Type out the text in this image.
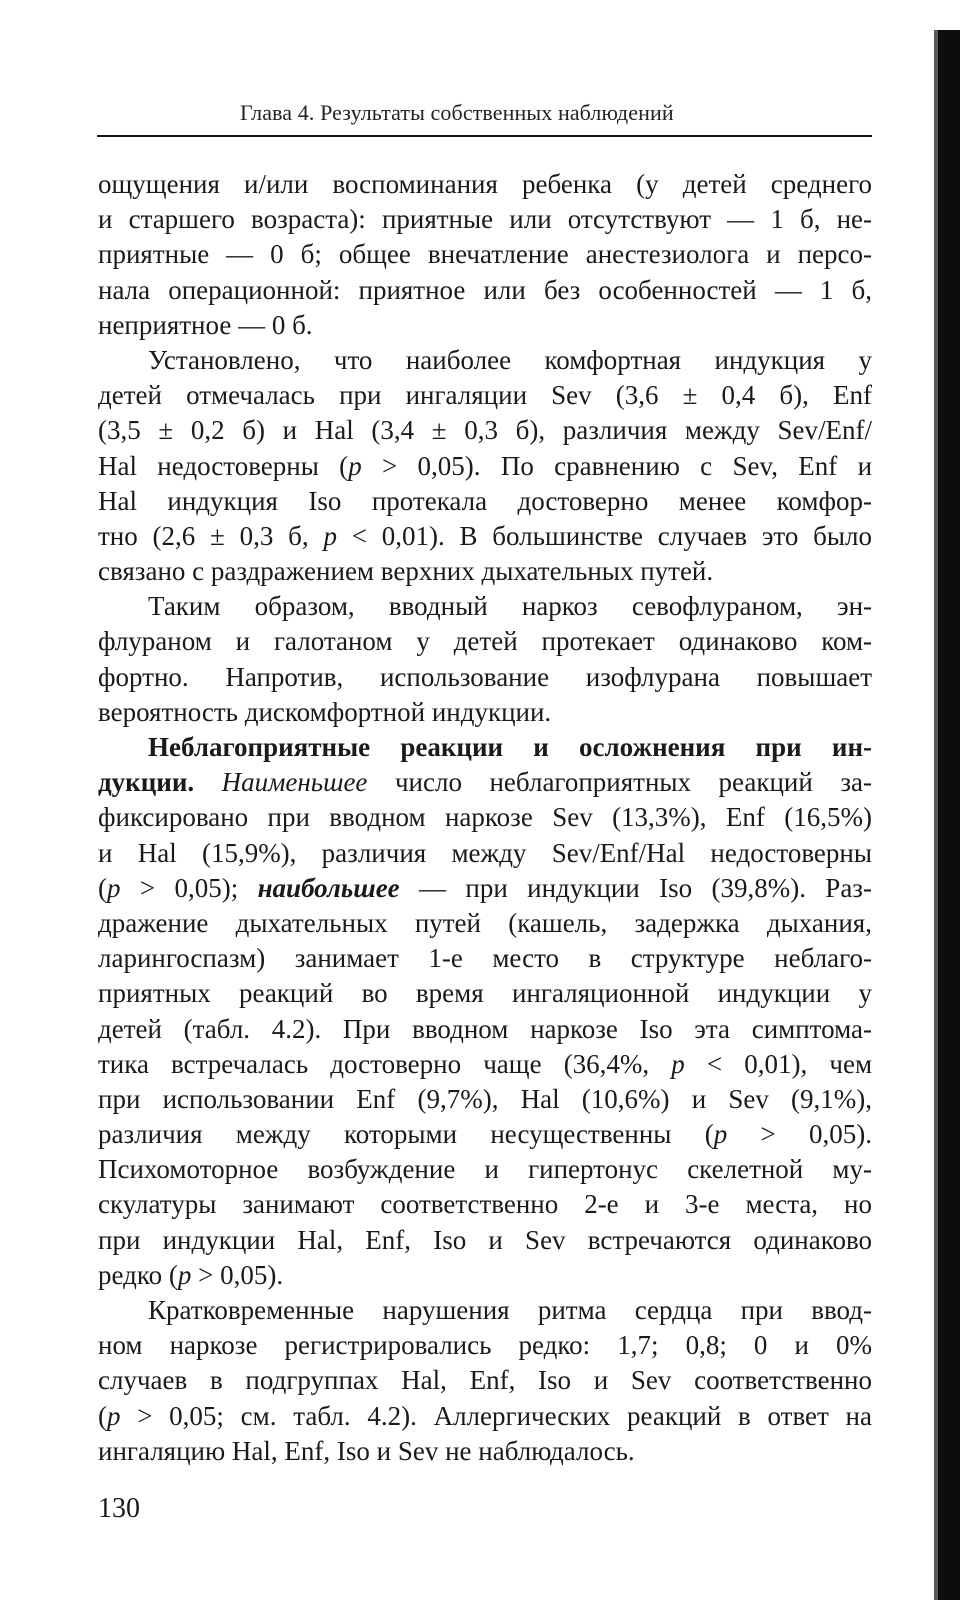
Глава 4. Результаты собственных наблюдений
ощущения и/или воспоминания ребенка (у детей среднего
и старшего возраста): приятные или отсутствуют — 1 б, не-
приятные — 0 б; общее внечатление анестезиолога и персо-
нала операционной: приятное или без особенностей — 1 б,
неприятное — 0 б.
Установлено, что наиболее комфортная индукция у
детей отмечалась при ингаляции Sev (3,6 ± 0,4 б), Enf
(3,5 ± 0,2 б) и Hal (3,4 ± 0,3 б), различия между Sev/Enf/
Hal недостоверны (p > 0,05). По сравнению с Sev, Enf и
Hal индукция Iso протекала достоверно менее комфор-
тно (2,6 ± 0,3 б, p < 0,01). В большинстве случаев это было
связано с раздражением верхних дыхательных путей.
Таким образом, вводный наркоз севофлураном, эн-
флураном и галотаном у детей протекает одинаково ком-
фортно. Напротив, использование изофлурана повышает
вероятность дискомфортной индукции.
Неблагоприятные реакции и осложнения при ин-
дукции. Наименьшее число неблагоприятных реакций за-
фиксировано при вводном наркозе Sev (13,3%), Enf (16,5%)
и Hal (15,9%), различия между Sev/Enf/Hal недостоверны
(p > 0,05); наибольшее — при индукции Iso (39,8%). Раз-
дражение дыхательных путей (кашель, задержка дыхания,
ларингоспазм) занимает 1-е место в структуре неблаго-
приятных реакций во время ингаляционной индукции у
детей (табл. 4.2). При вводном наркозе Iso эта симптома-
тика встречалась достоверно чаще (36,4%, p < 0,01), чем
при использовании Enf (9,7%), Hal (10,6%) и Sev (9,1%),
различия между которыми несущественны (p > 0,05).
Психомоторное возбуждение и гипертонус скелетной му-
скулатуры занимают соответственно 2-е и 3-е места, но
при индукции Hal, Enf, Iso и Sev встречаются одинаково
редко (p > 0,05).
Кратковременные нарушения ритма сердца при ввод-
ном наркозе регистрировались редко: 1,7; 0,8; 0 и 0%
случаев в подгруппах Hal, Enf, Iso и Sev соответственно
(p > 0,05; см. табл. 4.2). Аллергических реакций в ответ на
ингаляцию Hal, Enf, Iso и Sev не наблюдалось.
130
